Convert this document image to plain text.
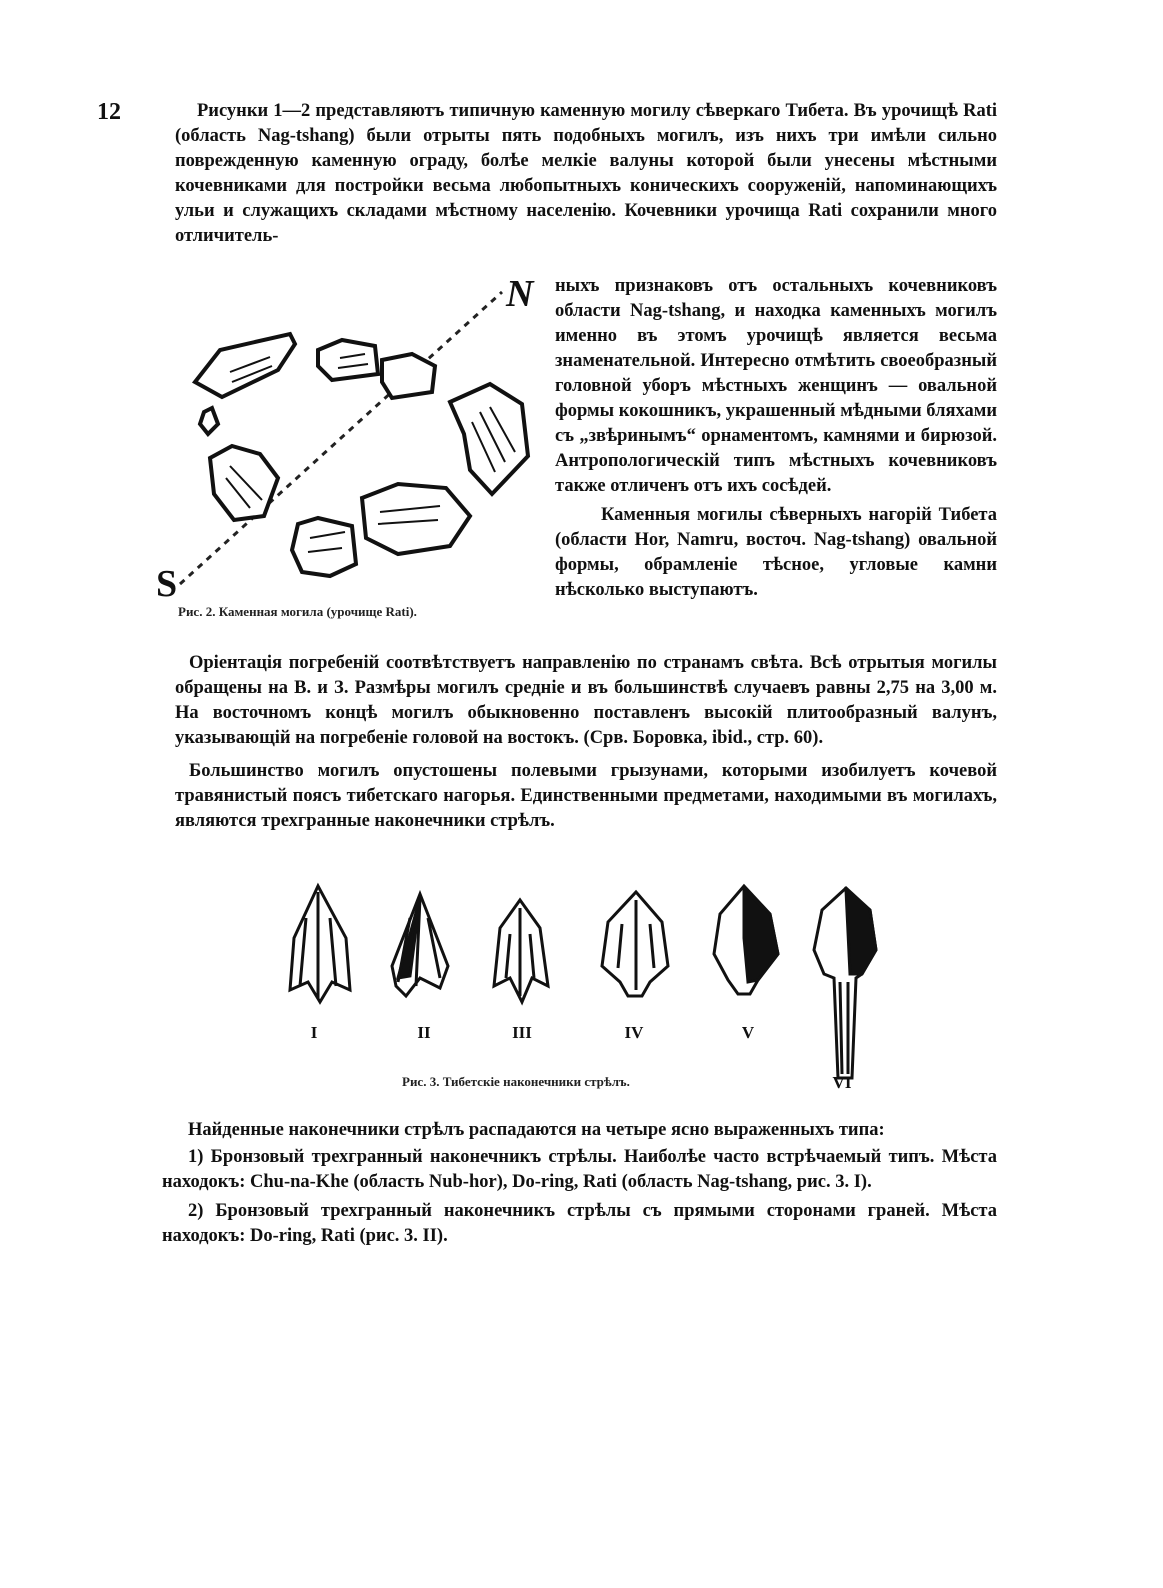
12	Рисунки 1—2 представляютъ типичную каменную могилу сѣверкаго Тибета. Въ урочищѣ Rati (область Nag-tshang) были отрыты пять подобныхъ могилъ, изъ нихъ три имѣли сильно поврежденную каменную ограду, болѣе мелкіе валуны которой были унесены мѣстными кочевниками для постройки весьма любопытныхъ коническихъ сооруженій, напоминающихъ ульи и служащихъ складами мѣстному населенію. Кочевники урочища Rati сохранили много отличитель-

N
S
Рис. 2. Каменная могила (урочище Rati).

ныхъ признаковъ отъ остальныхъ кочевниковъ области Nag-tshang, и находка каменныхъ могилъ именно въ этомъ урочищѣ является весьма знаменательной. Интересно отмѣтить своеобразный головной уборъ мѣстныхъ женщинъ — овальной формы кокошникъ, украшенный мѣдными бляхами съ „звѣринымъ“ орнаментомъ, камнями и бирюзой. Антропологическій типъ мѣстныхъ кочевниковъ также отличенъ отъ ихъ сосѣдей.

Каменныя могилы сѣверныхъ нагорій Тибета (области Hor, Namru, восточ. Nag-tshang) овальной формы, обрамленіе тѣсное, угловые камни нѣсколько выступаютъ.

Оріентація погребеній соотвѣтствуетъ направленію по странамъ свѣта. Всѣ отрытыя могилы обращены на В. и З. Размѣры могилъ средніе и въ большинствѣ случаевъ равны 2,75 на 3,00 м. На восточномъ концѣ могилъ обыкновенно поставленъ высокій плитообразный валунъ, указывающій на погребеніе головой на востокъ. (Срв. Боровка, ibid., стр. 60).

Большинство могилъ опустошены полевыми грызунами, которыми изобилуетъ кочевой травянистый поясъ тибетскаго нагорья. Единственными предметами, находимыми въ могилахъ, являются трехгранные наконечники стрѣлъ.

I	II	III	IV	V
VI
Рис. 3. Тибетскіе наконечники стрѣлъ.

Найденные наконечники стрѣлъ распадаются на четыре ясно выраженныхъ типа:

1) Бронзовый трехгранный наконечникъ стрѣлы. Наиболѣе часто встрѣчаемый типъ. Мѣста находокъ: Chu-na-Khe (область Nub-hor), Do-ring, Rati (область Nag-tshang, рис. 3. I).

2) Бронзовый трехгранный наконечникъ стрѣлы съ прямыми сторонами граней. Мѣста находокъ: Do-ring, Rati (рис. 3. II).
